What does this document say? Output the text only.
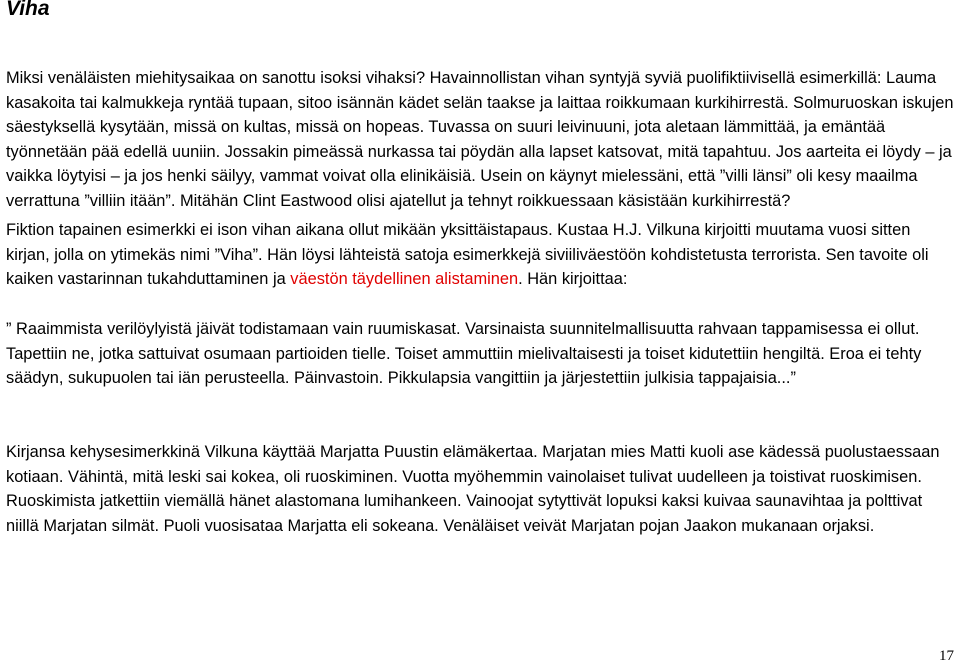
Viha

Miksi venäläisten miehitysaikaa on sanottu isoksi vihaksi? Havainnollistan vihan syntyjä syviä puolifiktiivisellä esimerkillä: Lauma kasakoita tai kalmukkeja ryntää tupaan, sitoo isännän kädet selän taakse ja laittaa roikkumaan kurkihirrestä. Solmuruoskan iskujen säestyksellä kysytään, missä on kultas, missä on hopeas. Tuvassa on suuri leivinuuni, jota aletaan lämmittää, ja emäntää työnnetään pää edellä uuniin. Jossakin pimeässä nurkassa tai pöydän alla lapset katsovat, mitä tapahtuu. Jos aarteita ei löydy – ja vaikka löytyisi – ja jos henki säilyy, vammat voivat olla elinikäisiä. Usein on käynyt mielessäni, että ”villi länsi” oli kesy maailma verrattuna ”villiin itään”. Mitähän Clint Eastwood olisi ajatellut ja tehnyt roikkuessaan käsistään kurkihirrestä?

Fiktion tapainen esimerkki ei ison vihan aikana ollut mikään yksittäistapaus. Kustaa H.J. Vilkuna kirjoitti muutama vuosi sitten kirjan, jolla on ytimekäs nimi ”Viha”. Hän löysi lähteistä satoja esimerkkejä siviiliväestöön kohdistetusta terrorista. Sen tavoite oli kaiken vastarinnan tukahduttaminen ja väestön täydellinen alistaminen. Hän kirjoittaa:

” Raaimmista verilöylyistä jäivät todistamaan vain ruumiskasat. Varsinaista suunnitelmallisuutta rahvaan tappamisessa ei ollut. Tapettiin ne, jotka sattuivat osumaan partioiden tielle. Toiset ammuttiin mielivaltaisesti ja toiset kidutettiin hengiltä. Eroa ei tehty säädyn, sukupuolen tai iän perusteella. Päinvastoin. Pikkulapsia vangittiin ja järjestettiin julkisia tappajaisia...”

Kirjansa kehysesimerkkinä Vilkuna käyttää Marjatta Puustin elämäkertaa. Marjatan mies Matti kuoli ase kädessä puolustaessaan kotiaan. Vähintä, mitä leski sai kokea, oli ruoskiminen. Vuotta myöhemmin vainolaiset tulivat uudelleen ja toistivat ruoskimisen. Ruoskimista jatkettiin viemällä hänet alastomana lumihankeen. Vainoojat sytyttivät lopuksi kaksi kuivaa saunavihtaa ja polttivat niillä Marjatan silmät. Puoli vuosisataa Marjatta eli sokeana. Venäläiset veivät Marjatan pojan Jaakon mukanaan orjaksi.

17
